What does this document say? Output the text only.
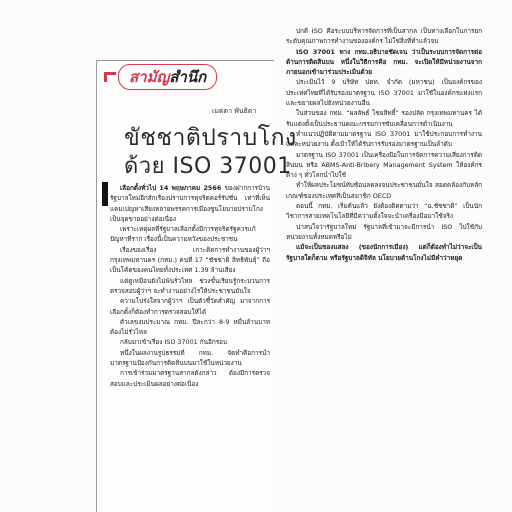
สามัญ สำนึก
เมตตา พันธิดา
ขัชชาติปราบโกง
ด้วย ISO 37001

เลือกตั้งทั่วไป 14 พฤษภาคม 2566 ของฝากการบ้านรัฐบาลใหม่อีกสักเรื่องปราบการทุจริตคอร์รัปชั่น เท่าที่เห็นแคมเปญหาเสียงหลายพรรคการเมืองชูนโยบายปราบโกงเป็นจุดขายอย่างต่อเนื่อง

เพราะเหตุผลที่รัฐบาลเลือกตั้งมีการทุจริตรัฐควรแก้ปัญหาที่ราก เรื่องนี้เป็นความหวังของประชาชน

เรื่องของเรื่อง เกาะติดการทำงานของผู้ว่าฯ กรุงเทพมหานคร (กทม.) คนที่ 17 “ชัชชาติ สิทธิพันธุ์” ถือเป็นโค้ดของคนไทยทั้งประเทศ 1.39 ล้านเสียง

แต่ดูเหมือนยังไม่พ้นรั่วไหล ช่วงขั้นเรียนรู้กระบวนการตรวจสอบผู้ว่าฯ จะทำงานอย่างไรให้ประชาชนมั่นใจ

ความโปร่งใสจากผู้ว่าฯ เป็นตัวชี้วัดสำคัญ มาจากการเลือกตั้งก็ต้องทำการตรวจสอบให้ได้

ตัวเลขงบประมาณ กทม. ปีละกว่า 8-9 หมื่นล้านบาท ต้องไม่รั่วไหล

กลับมาเข้าเรื่อง ISO 37001 กันอีกรอบ

หนึ่งในผลงานรูปธรรมที่ กทม. จัดทำคือการนำมาตรฐานป้องกันการติดสินบนมาใช้ในหน่วยงาน

การเข้าร่วมมาตรฐานสากลดังกล่าว ต้องมีการตรวจสอบและประเมินผลอย่างต่อเนื่อง

ปกติ ISO คือระบบบริหารจัดการที่เป็นสากล เป็นทางเลือกในการยกระดับคุณภาพการทำงานขององค์กร ไม่ใช่สิ่งที่ทำแล้วจบ

ISO 37001 ทาง กทม.อธิบายชัดเจน ว่าเป็นระบบการจัดการต่อต้านการติดสินบน หนึ่งในวิธีการคือ กทม. จะเปิดให้มีหน่วยงานจากภายนอกเข้ามาร่วมประเมินด้วย

ประเมินไว้ 9 บริษัท ปตท. จำกัด (มหาชน) เป็นองค์กรของประเทศไทยที่ได้รับรองมาตรฐาน ISO 37001 มาใช้ในองค์กรแห่งแรกและขยายผลไปยังหน่วยงานอื่น

ในส่วนของ กทม. “ผลลัพธ์ ไชยสิทธิ์” รองปลัด กรุงเทพมหานคร ได้รับแต่งตั้งเป็นประธานคณะกรรมการขับเคลื่อนการดำเนินงาน

ทำแนวปฏิบัติตามมาตรฐาน ISO 37001 มาใช้ประกอบการทำงานแต่ละหน่วยงาน ตั้งเป้าให้ได้รับการรับรองมาตรฐานเป็นลำดับ

มาตรฐาน ISO 37001 เป็นเครื่องมือในการจัดการความเสี่ยงการติดสินบน หรือ ABMS-Anti-Bribery Management System ให้องค์กรต่าง ๆ ทั่วโลกนำไปใช้

ทำให้ผลประโยชน์ทับซ้อนลดลงจนประชาชนมั่นใจ สอดคล้องกับหลักเกณฑ์ของประเทศที่เป็นสมาชิก OECD

ตอนนี้ กทม. เริ่มต้นแล้ว ยังต้องติดตามว่า “ฉ.ชัชชาติ” เป็นนักวิชาการสายเทคโนโลยีที่มีความตั้งใจจะนำเครื่องมือมาใช้จริง

น่าสนใจว่ารัฐบาลใหม่ รัฐบาลที่เข้ามาจะมีการนำ ISO ไปใช้กับหน่วยงานทั้งหมดหรือไม่

แม้จะเป็นของแสลง (ของนักการเมือง) แต่ก็ต้องทำไม่ว่าจะเป็นรัฐบาลใดก็ตาม หรือรัฐบาลดิจิทัล นโยบายต้านโกงไม่มีคำว่าหยุด
